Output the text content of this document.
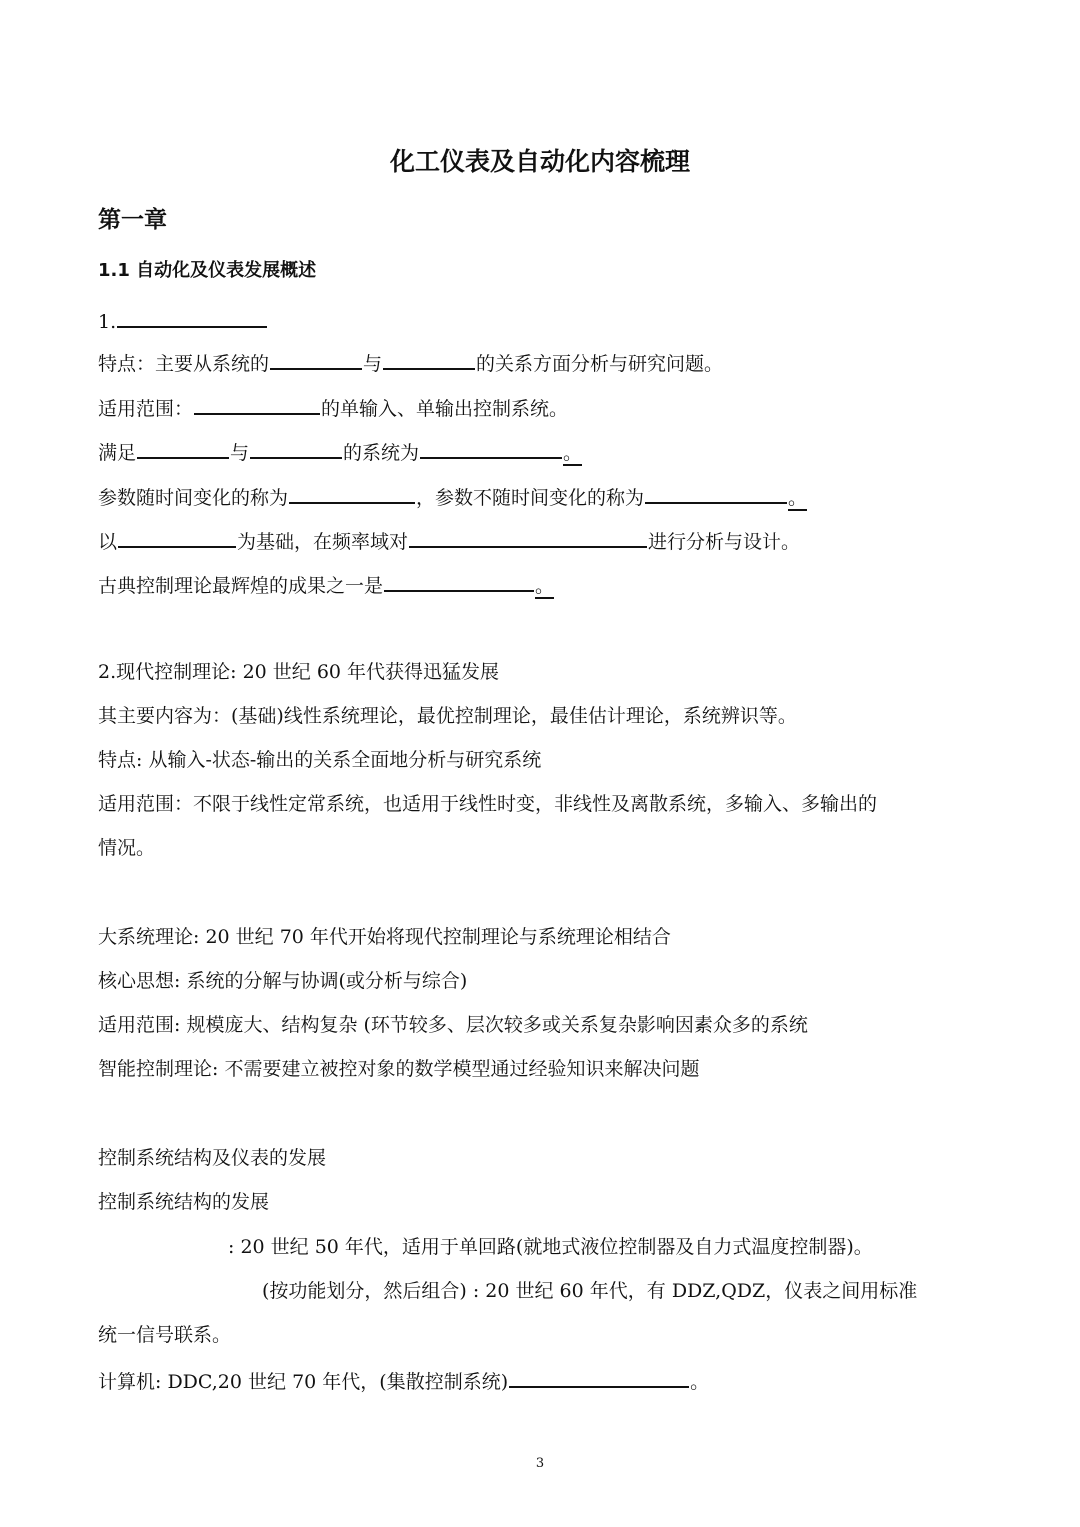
化工仪表及自动化内容梳理
第一章
1.1 自动化及仪表发展概述

1.

特点：主要从系统的	与	的关系方面分析与研究问题。

适用范围：	的单输入、单输出控制系统。

满足	与	的系统为	。

参数随时间变化的称为	，参数不随时间变化的称为	。

以	为基础，在频率域对	进行分析与设计。

古典控制理论最辉煌的成果之一是	。

2.现代控制理论: 20 世纪 60 年代获得迅猛发展

其主要内容为：(基础)线性系统理论，最优控制理论，最佳估计理论，系统辨识等。

特点: 从输入-状态-输出的关系全面地分析与研究系统

适用范围：不限于线性定常系统，也适用于线性时变，非线性及离散系统，多输入、多输出的

情况。

大系统理论: 20 世纪 70 年代开始将现代控制理论与系统理论相结合

核心思想: 系统的分解与协调(或分析与综合)

适用范围: 规模庞大、结构复杂 (环节较多、层次较多或关系复杂影响因素众多的系统

智能控制理论: 不需要建立被控对象的数学模型通过经验知识来解决问题

控制系统结构及仪表的发展

控制系统结构的发展

: 20 世纪 50 年代，适用于单回路(就地式液位控制器及自力式温度控制器)。

(按功能划分，然后组合) : 20 世纪 60 年代，有 DDZ,QDZ，仪表之间用标准

统一信号联系。

计算机: DDC,20 世纪 70 年代，(集散控制系统)	。

3
